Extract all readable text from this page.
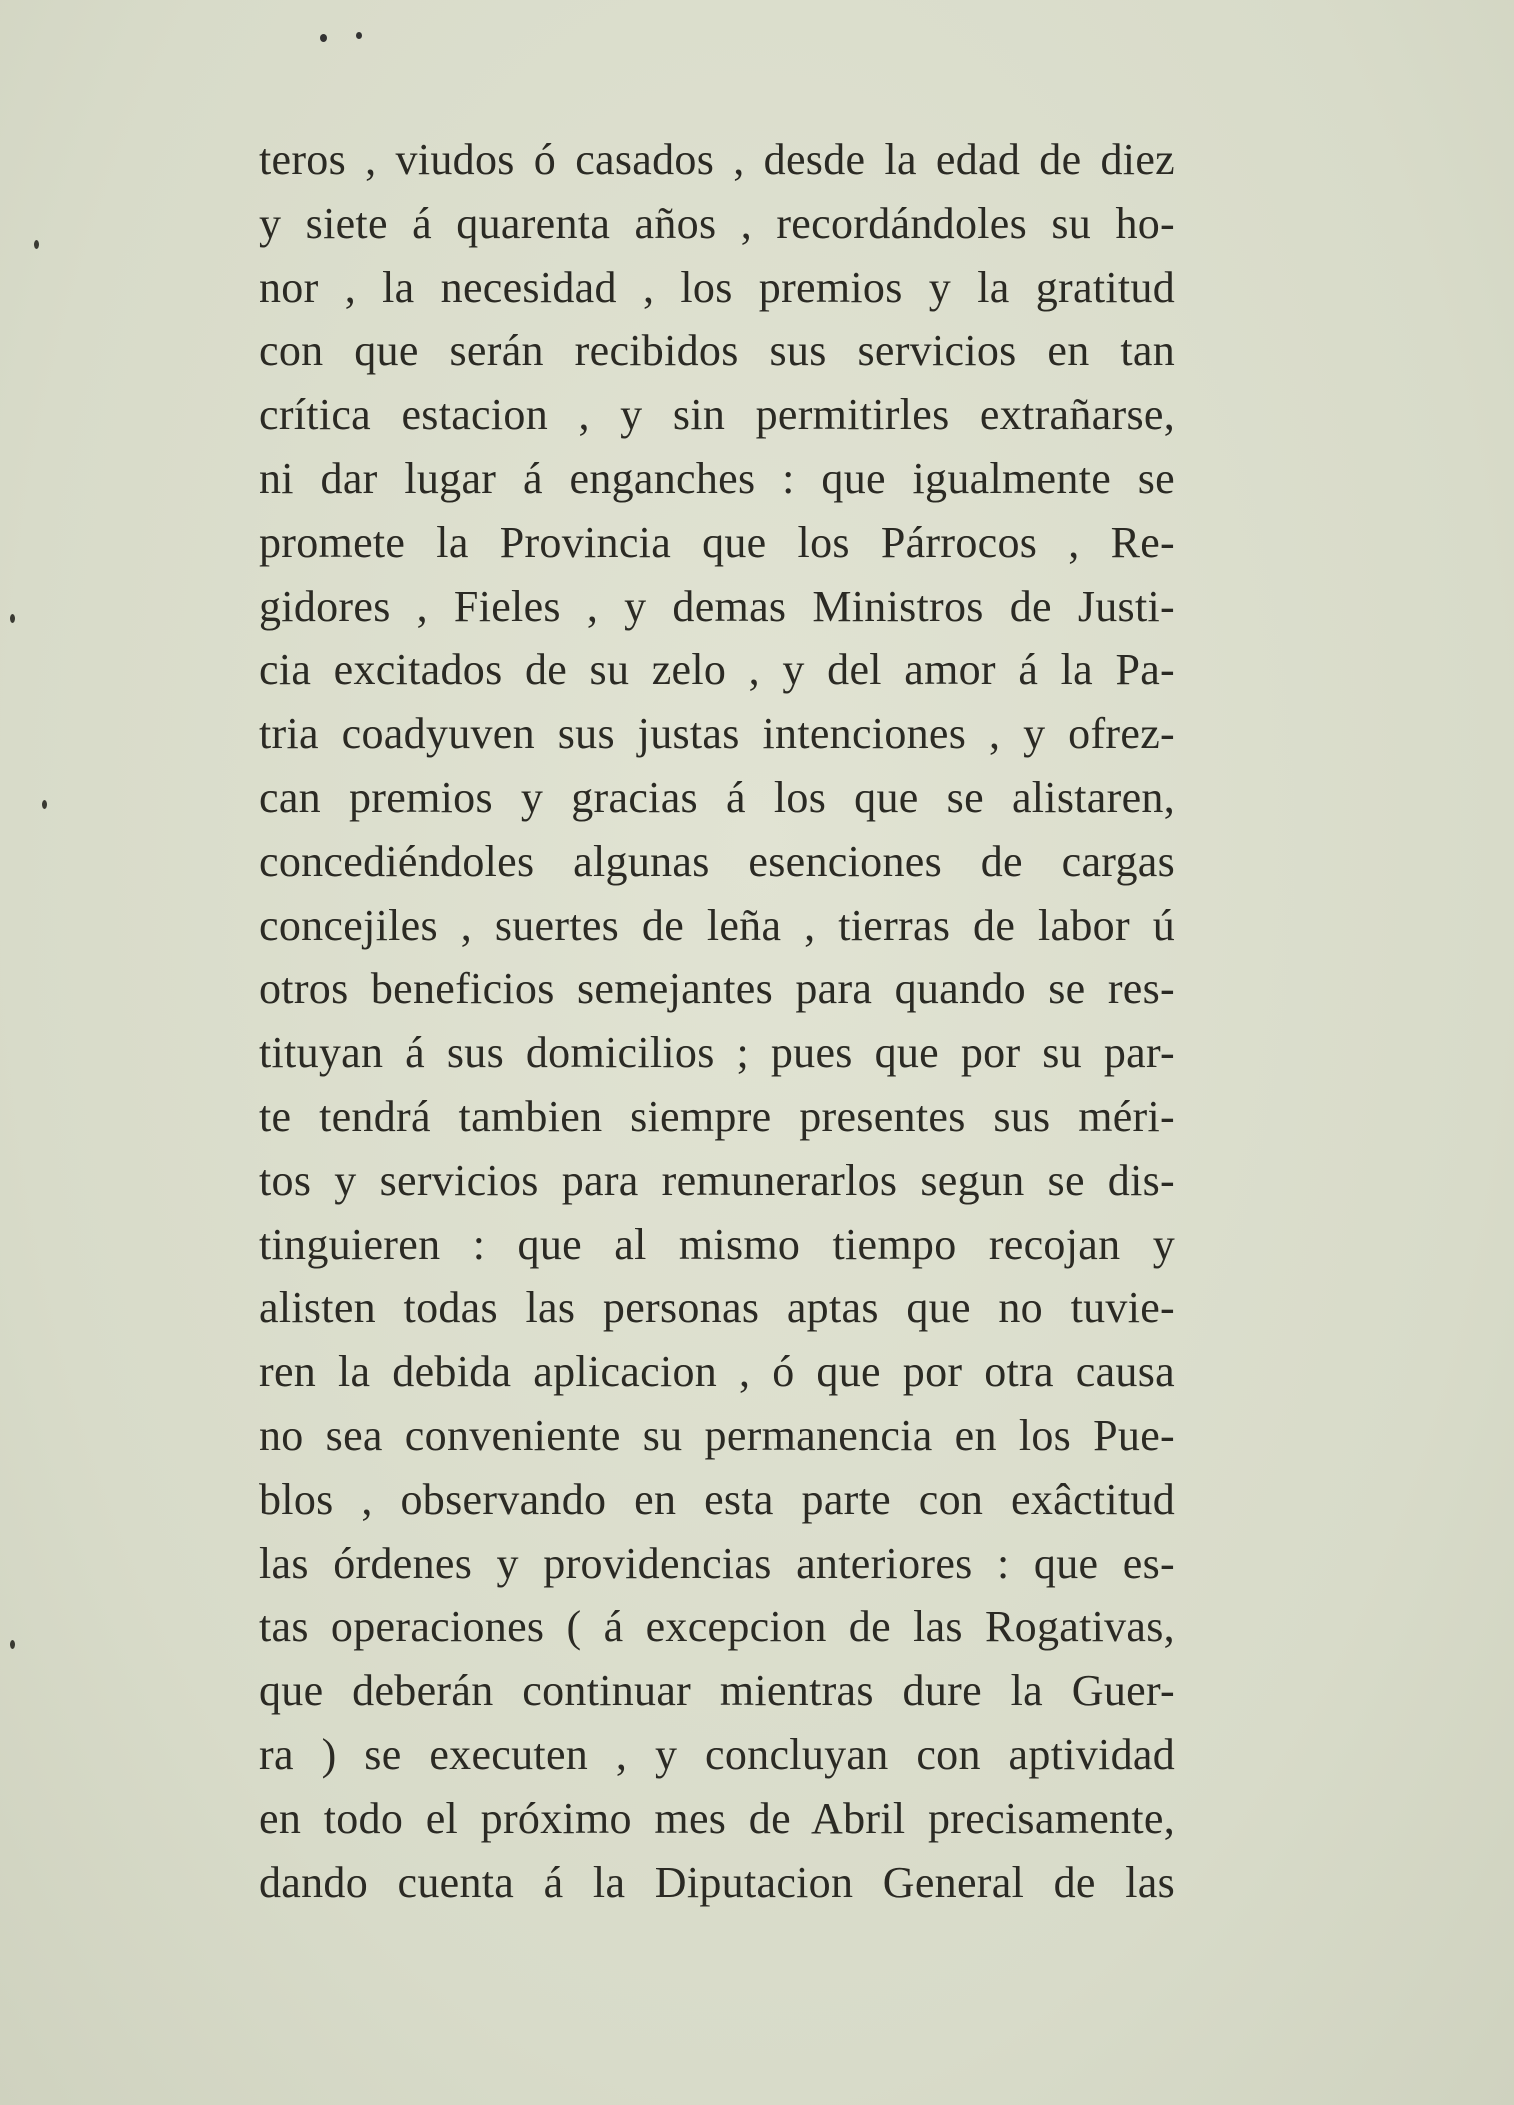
teros , viudos ó casados , desde la edad de diez
y siete á quarenta años , recordándoles su ho-
nor , la necesidad , los premios y la gratitud
con que serán recibidos sus servicios en tan
crítica estacion , y sin permitirles extrañarse,
ni dar lugar á enganches : que igualmente se
promete la Provincia que los Párrocos , Re-
gidores , Fieles , y demas Ministros de Justi-
cia excitados de su zelo , y del amor á la Pa-
tria coadyuven sus justas intenciones , y ofrez-
can premios y gracias á los que se alistaren,
concediéndoles algunas esenciones de cargas
concejiles , suertes de leña , tierras de labor ú
otros beneficios semejantes para quando se res-
tituyan á sus domicilios ; pues que por su par-
te tendrá tambien siempre presentes sus méri-
tos y servicios para remunerarlos segun se dis-
tinguieren : que al mismo tiempo recojan y
alisten todas las personas aptas que no tuvie-
ren la debida aplicacion , ó que por otra causa
no sea conveniente su permanencia en los Pue-
blos , observando en esta parte con exâctitud
las órdenes y providencias anteriores : que es-
tas operaciones ( á excepcion de las Rogativas,
que deberán continuar mientras dure la Guer-
ra ) se executen , y concluyan con aptividad
en todo el próximo mes de Abril precisamente,
dando cuenta á la Diputacion General de las
